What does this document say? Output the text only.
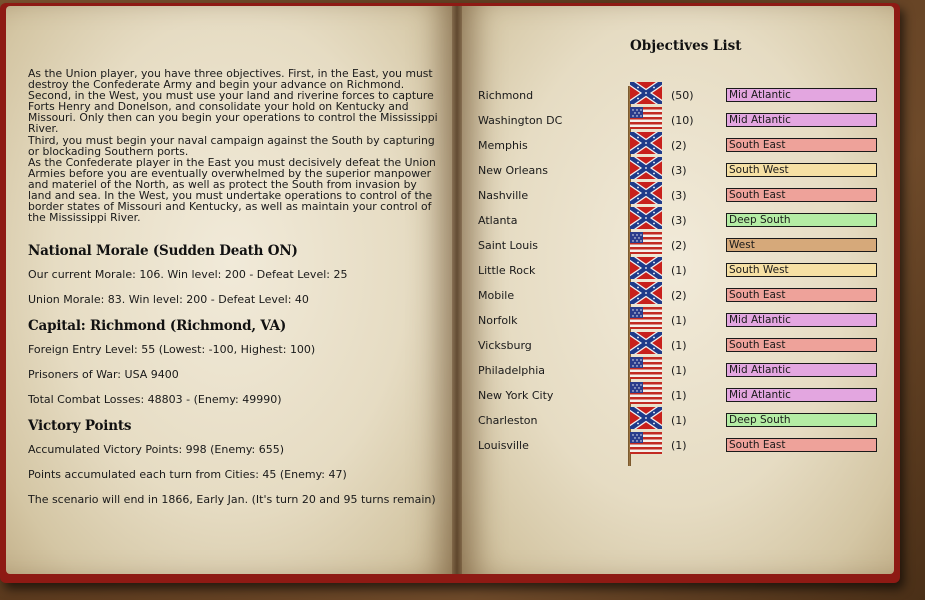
As the Union player, you have three objectives. First, in the East, you must destroy the Confederate Army and begin your advance on Richmond. Second, in the West, you must use your land and riverine forces to capture Forts Henry and Donelson, and consolidate your hold on Kentucky and Missouri. Only then can you begin your operations to control the Mississippi River.
Third, you must begin your naval campaign against the South by capturing or blockading Southern ports.
As the Confederate player in the East you must decisively defeat the Union Armies before you are eventually overwhelmed by the superior manpower and materiel of the North, as well as protect the South from invasion by land and sea. In the West, you must undertake operations to control of the border states of Missouri and Kentucky, as well as maintain your control of the Mississippi River.

National Morale (Sudden Death ON)

Our current Morale: 106. Win level: 200 - Defeat Level: 25

Union Morale: 83. Win level: 200 - Defeat Level: 40

Capital: Richmond (Richmond, VA)

Foreign Entry Level: 55 (Lowest: -100, Highest: 100)

Prisoners of War: USA 9400

Total Combat Losses: 48803 - (Enemy: 49990)

Victory Points

Accumulated Victory Points: 998 (Enemy: 655)

Points accumulated each turn from Cities: 45 (Enemy: 47)

The scenario will end in 1866, Early Jan. (It's turn 20 and 95 turns remain)

Objectives List
Richmond	(50)	Mid Atlantic
Washington DC	(10)	Mid Atlantic
Memphis	(2)	South East
New Orleans	(3)	South West
Nashville	(3)	South East
Atlanta	(3)	Deep South
Saint Louis	(2)	West
Little Rock	(1)	South West
Mobile	(2)	South East
Norfolk	(1)	Mid Atlantic
Vicksburg	(1)	South East
Philadelphia	(1)	Mid Atlantic
New York City	(1)	Mid Atlantic
Charleston	(1)	Deep South
Louisville	(1)	South East
